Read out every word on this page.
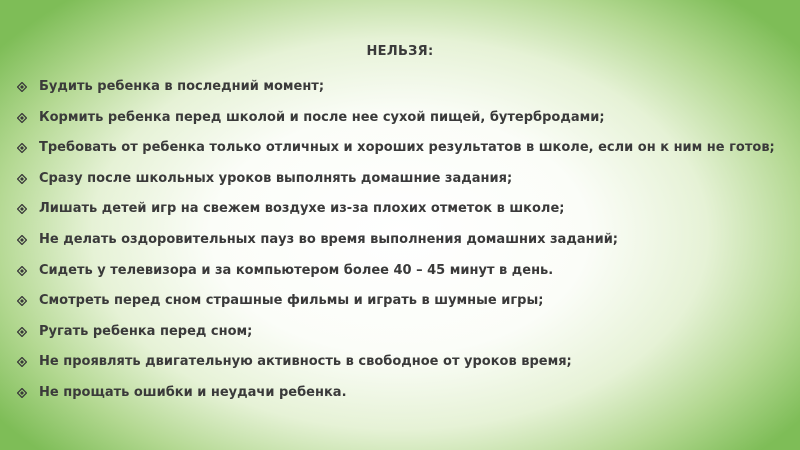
НЕЛЬЗЯ:
Будить ребенка в последний момент;
Кормить ребенка перед школой и после нее сухой пищей, бутербродами;
Требовать от ребенка только отличных и хороших результатов в школе, если он к ним не готов;
Сразу после школьных уроков выполнять домашние задания;
Лишать детей игр на свежем воздухе из-за плохих отметок в школе;
Не делать оздоровительных пауз во время выполнения домашних заданий;
Сидеть у телевизора и за компьютером более 40 – 45 минут в день.
Смотреть перед сном страшные фильмы и играть в шумные игры;
Ругать ребенка перед сном;
Не проявлять двигательную активность в свободное от уроков время;
Не прощать ошибки и неудачи ребенка.
